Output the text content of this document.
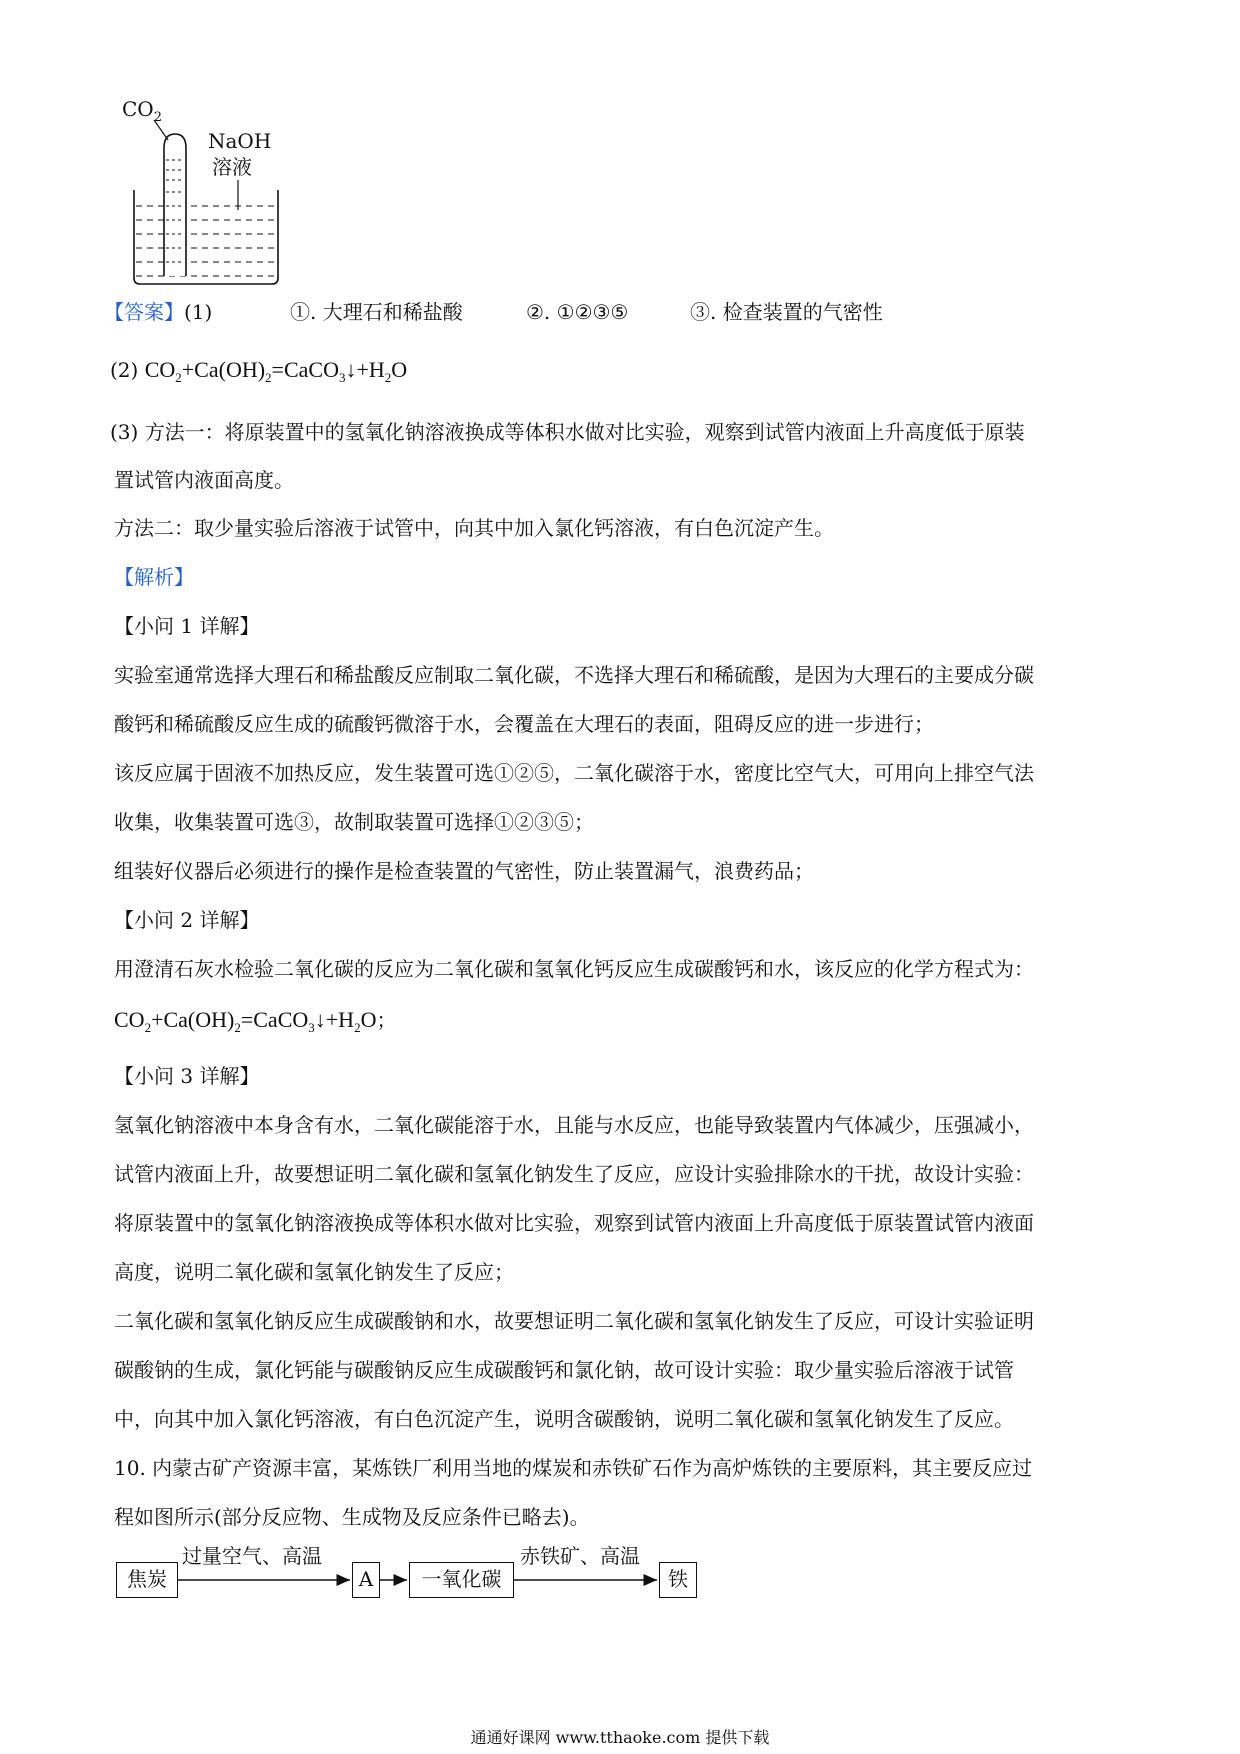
$CO_2$
NaOH
溶液
【答案】(1)	①. 大理石和稀盐酸	②. ①②③⑤	③. 检查装置的气密性
(2) $CO_2+Ca(OH)_2=CaCO_3↓+H_2O$
(3) 方法一：将原装置中的氢氧化钠溶液换成等体积水做对比实验，观察到试管内液面上升高度低于原装
置试管内液面高度。
方法二：取少量实验后溶液于试管中，向其中加入氯化钙溶液，有白色沉淀产生。
【解析】
【小问 1 详解】
实验室通常选择大理石和稀盐酸反应制取二氧化碳，不选择大理石和稀硫酸，是因为大理石的主要成分碳
酸钙和稀硫酸反应生成的硫酸钙微溶于水，会覆盖在大理石的表面，阻碍反应的进一步进行；
该反应属于固液不加热反应，发生装置可选①②⑤，二氧化碳溶于水，密度比空气大，可用向上排空气法
收集，收集装置可选③，故制取装置可选择①②③⑤；
组装好仪器后必须进行的操作是检查装置的气密性，防止装置漏气，浪费药品；
【小问 2 详解】
用澄清石灰水检验二氧化碳的反应为二氧化碳和氢氧化钙反应生成碳酸钙和水，该反应的化学方程式为：
$CO_2+Ca(OH)_2=CaCO_3↓+H_2O$；
【小问 3 详解】
氢氧化钠溶液中本身含有水，二氧化碳能溶于水，且能与水反应，也能导致装置内气体减少，压强减小，
试管内液面上升，故要想证明二氧化碳和氢氧化钠发生了反应，应设计实验排除水的干扰，故设计实验：
将原装置中的氢氧化钠溶液换成等体积水做对比实验，观察到试管内液面上升高度低于原装置试管内液面
高度，说明二氧化碳和氢氧化钠发生了反应；
二氧化碳和氢氧化钠反应生成碳酸钠和水，故要想证明二氧化碳和氢氧化钠发生了反应，可设计实验证明
碳酸钠的生成，氯化钙能与碳酸钠反应生成碳酸钙和氯化钠，故可设计实验：取少量实验后溶液于试管
中，向其中加入氯化钙溶液，有白色沉淀产生，说明含碳酸钠，说明二氧化碳和氢氧化钠发生了反应。
10. 内蒙古矿产资源丰富，某炼铁厂利用当地的煤炭和赤铁矿石作为高炉炼铁的主要原料，其主要反应过
程如图所示(部分反应物、生成物及反应条件已略去)。
焦炭
过量空气、高温
A	一氧化碳
赤铁矿、高温
铁
通通好课网 www.tthaoke.com 提供下载
